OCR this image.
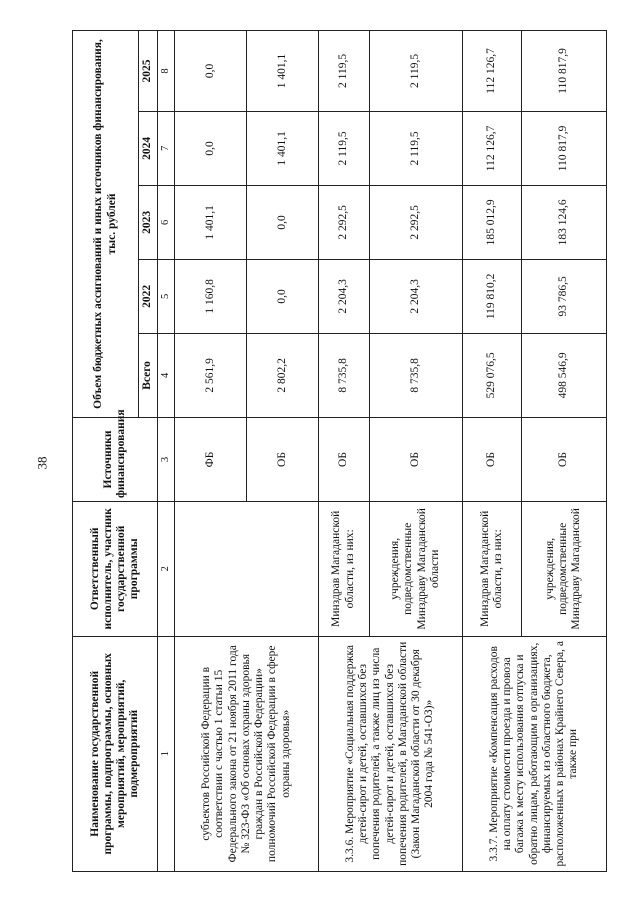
38
Наименование государственной программы, подпрограммы, основных мероприятий, мероприятий, подмероприятий	Ответственный исполнитель, участник государственной программы	Источники финансирования	Объем бюджетных ассигнований и иных источников финансирования, тыс. рублей				
			Всего	2022	2023	2024	2025
1	2	3	4	5	6	7	8
субъектов Российской Федерации в соответствии с частью 1 статьи 15 Федерального закона от 21 ноября 2011 года № 323-ФЗ «Об основах охраны здоровья граждан в Российской Федерации» полномочий Российской Федерации в сфере охраны здоровья»		ФБ	2 561,9	1 160,8	1 401,1	0,0	0,0
		ОБ	2 802,2	0,0	0,0	1 401,1	1 401,1
3.3.6. Мероприятие «Социальная поддержка детей-сирот и детей, оставшихся без попечения родителей, а также лиц из числа детей-сирот и детей, оставшихся без попечения родителей, в Магаданской области (Закон Магаданской области от 30 декабря 2004 года № 541-ОЗ)»	Минздрав Магаданской области, из них:	ОБ	8 735,8	2 204,3	2 292,5	2 119,5	2 119,5
	учреждения, подведомственные Минздраву Магаданской области	ОБ	8 735,8	2 204,3	2 292,5	2 119,5	2 119,5
3.3.7. Мероприятие «Компенсация расходов на оплату стоимости проезда и провоза багажа к месту использования отпуска и обратно лицам, работающим в организациях, финансируемых из областного бюджета, расположенных в районах Крайнего Севера, а также при	Минздрав Магаданской области, из них:	ОБ	529 076,5	119 810,2	185 012,9	112 126,7	112 126,7
	учреждения, подведомственные Минздраву Магаданской	ОБ	498 546,9	93 786,5	183 124,6	110 817,9	110 817,9
